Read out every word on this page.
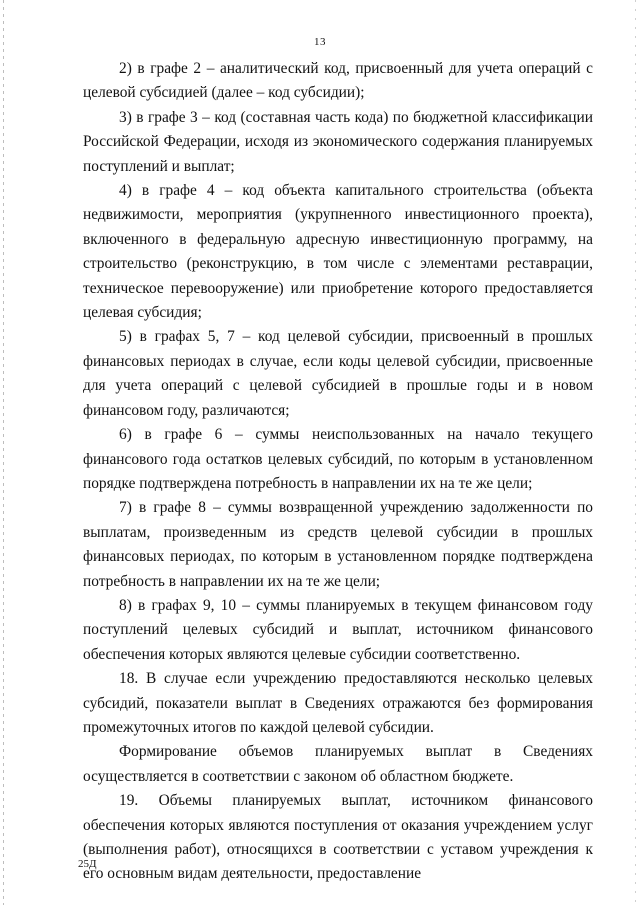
13

2) в графе 2 – аналитический код, присвоенный для учета операций с целевой субсидией (далее – код субсидии);

3) в графе 3 – код (составная часть кода) по бюджетной классификации Российской Федерации, исходя из экономического содержания планируемых поступлений и выплат;

4) в графе 4 – код объекта капитального строительства (объекта недвижимости, мероприятия (укрупненного инвестиционного проекта), включенного в федеральную адресную инвестиционную программу, на строительство (реконструкцию, в том числе с элементами реставрации, техническое перевооружение) или приобретение которого предоставляется целевая субсидия;

5) в графах 5, 7 – код целевой субсидии, присвоенный в прошлых финансовых периодах в случае, если коды целевой субсидии, присвоенные для учета операций с целевой субсидией в прошлые годы и в новом финансовом году, различаются;

6) в графе 6 – суммы неиспользованных на начало текущего финансового года остатков целевых субсидий, по которым в установленном порядке подтверждена потребность в направлении их на те же цели;

7) в графе 8 – суммы возвращенной учреждению задолженности по выплатам, произведенным из средств целевой субсидии в прошлых финансовых периодах, по которым в установленном порядке подтверждена потребность в направлении их на те же цели;

8) в графах 9, 10 – суммы планируемых в текущем финансовом году поступлений целевых субсидий и выплат, источником финансового обеспечения которых являются целевые субсидии соответственно.

18. В случае если учреждению предоставляются несколько целевых субсидий, показатели выплат в Сведениях отражаются без формирования промежуточных итогов по каждой целевой субсидии.

Формирование объемов планируемых выплат в Сведениях осуществляется в соответствии с законом об областном бюджете.

19. Объемы планируемых выплат, источником финансового обеспечения которых являются поступления от оказания учреждением услуг (выполнения работ), относящихся в соответствии с уставом учреждения к его основным видам деятельности, предоставление

25Д
